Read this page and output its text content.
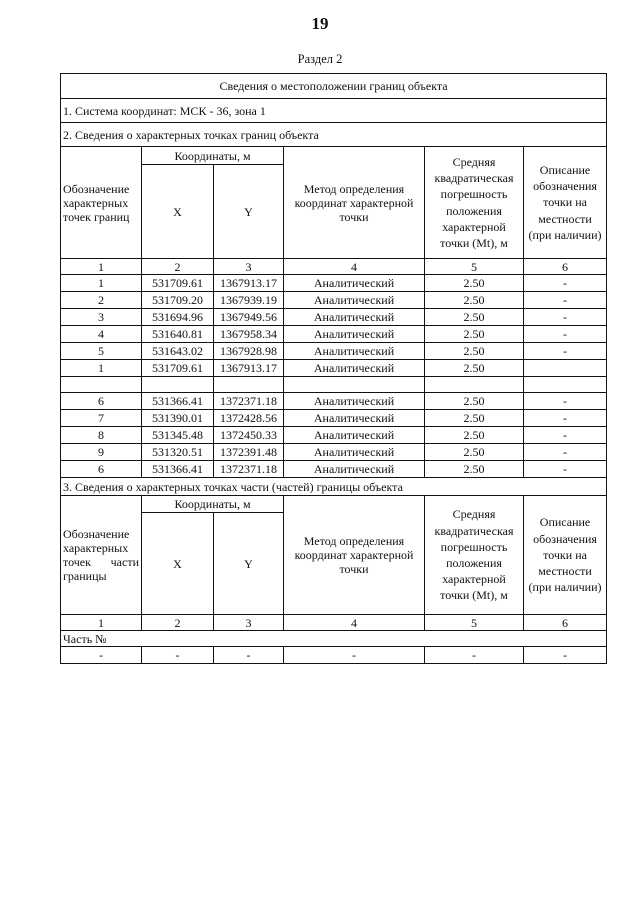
19
Раздел 2
Сведения о местоположении границ объекта					
1. Система координат: МСК - 36, зона 1					
2. Сведения о характерных точках границ объекта					
Обозначение характерных точек границ	Координаты, м		Метод определения координат характерной точки	Средняя квадратическая погрешность положения характерной точки (Mt), м	Описание обозначения точки на местности (при наличии)
	X	Y			
1	2	3	4	5	6
1	531709.61	1367913.17	Аналитический	2.50	-
2	531709.20	1367939.19	Аналитический	2.50	-
3	531694.96	1367949.56	Аналитический	2.50	-
4	531640.81	1367958.34	Аналитический	2.50	-
5	531643.02	1367928.98	Аналитический	2.50	-
1	531709.61	1367913.17	Аналитический	2.50	

6	531366.41	1372371.18	Аналитический	2.50	-
7	531390.01	1372428.56	Аналитический	2.50	-
8	531345.48	1372450.33	Аналитический	2.50	-
9	531320.51	1372391.48	Аналитический	2.50	-
6	531366.41	1372371.18	Аналитический	2.50	-
3. Сведения о характерных точках части (частей) границы объекта					
Обозначение характерных точек части границы	Координаты, м		Метод определения координат характерной точки	Средняя квадратическая погрешность положения характерной точки (Mt), м	Описание обозначения точки на местности (при наличии)
	X	Y			
1	2	3	4	5	6
Часть №					
-	-	-	-	-	-
